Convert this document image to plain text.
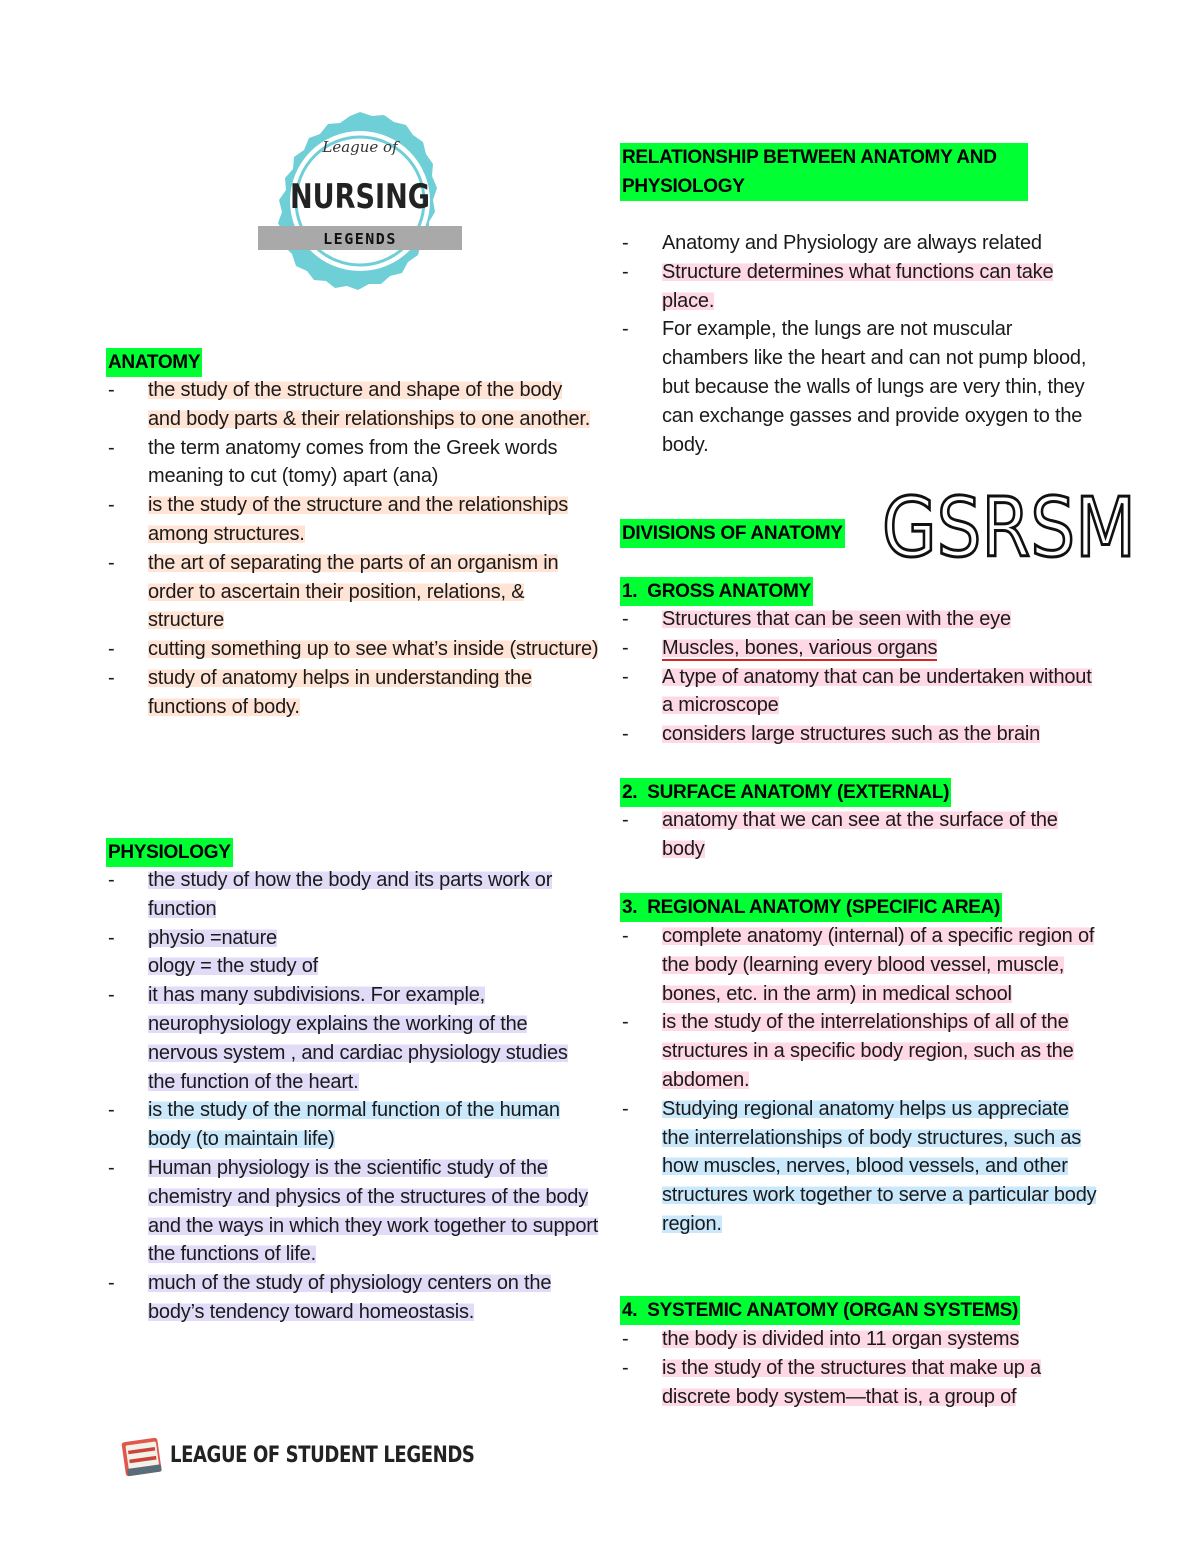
League of
NURSING
LEGENDS
ANATOMY
- the study of the structure and shape of the body and body parts & their relationships to one another.
- the term anatomy comes from the Greek words meaning to cut (tomy) apart (ana)
- is the study of the structure and the relationships among structures.
- the art of separating the parts of an organism in order to ascertain their position, relations, & structure
- cutting something up to see what’s inside (structure)
- study of anatomy helps in understanding the functions of body.
PHYSIOLOGY
- the study of how the body and its parts work or function
- physio =nature
ology = the study of
- it has many subdivisions. For example, neurophysiology explains the working of the nervous system , and cardiac physiology studies the function of the heart.
- is the study of the normal function of the human body (to maintain life)
- Human physiology is the scientific study of the chemistry and physics of the structures of the body and the ways in which they work together to support the functions of life.
- much of the study of physiology centers on the body’s tendency toward homeostasis.
RELATIONSHIP BETWEEN ANATOMY AND PHYSIOLOGY
- Anatomy and Physiology are always related
- Structure determines what functions can take place.
- For example, the lungs are not muscular chambers like the heart and can not pump blood, but because the walls of lungs are very thin, they can exchange gasses and provide oxygen to the body.
DIVISIONS OF ANATOMY
1. GROSS ANATOMY
- Structures that can be seen with the eye
- Muscles, bones, various organs
- A type of anatomy that can be undertaken without a microscope
- considers large structures such as the brain
2. SURFACE ANATOMY (EXTERNAL)
- anatomy that we can see at the surface of the body
3. REGIONAL ANATOMY (SPECIFIC AREA)
- complete anatomy (internal) of a specific region of the body (learning every blood vessel, muscle, bones, etc. in the arm) in medical school
- is the study of the interrelationships of all of the structures in a specific body region, such as the abdomen.
- Studying regional anatomy helps us appreciate the interrelationships of body structures, such as how muscles, nerves, blood vessels, and other structures work together to serve a particular body region.
4. SYSTEMIC ANATOMY (ORGAN SYSTEMS)
- the body is divided into 11 organ systems
- is the study of the structures that make up a discrete body system—that is, a group of
GSRSM
LEAGUE OF STUDENT LEGENDS
